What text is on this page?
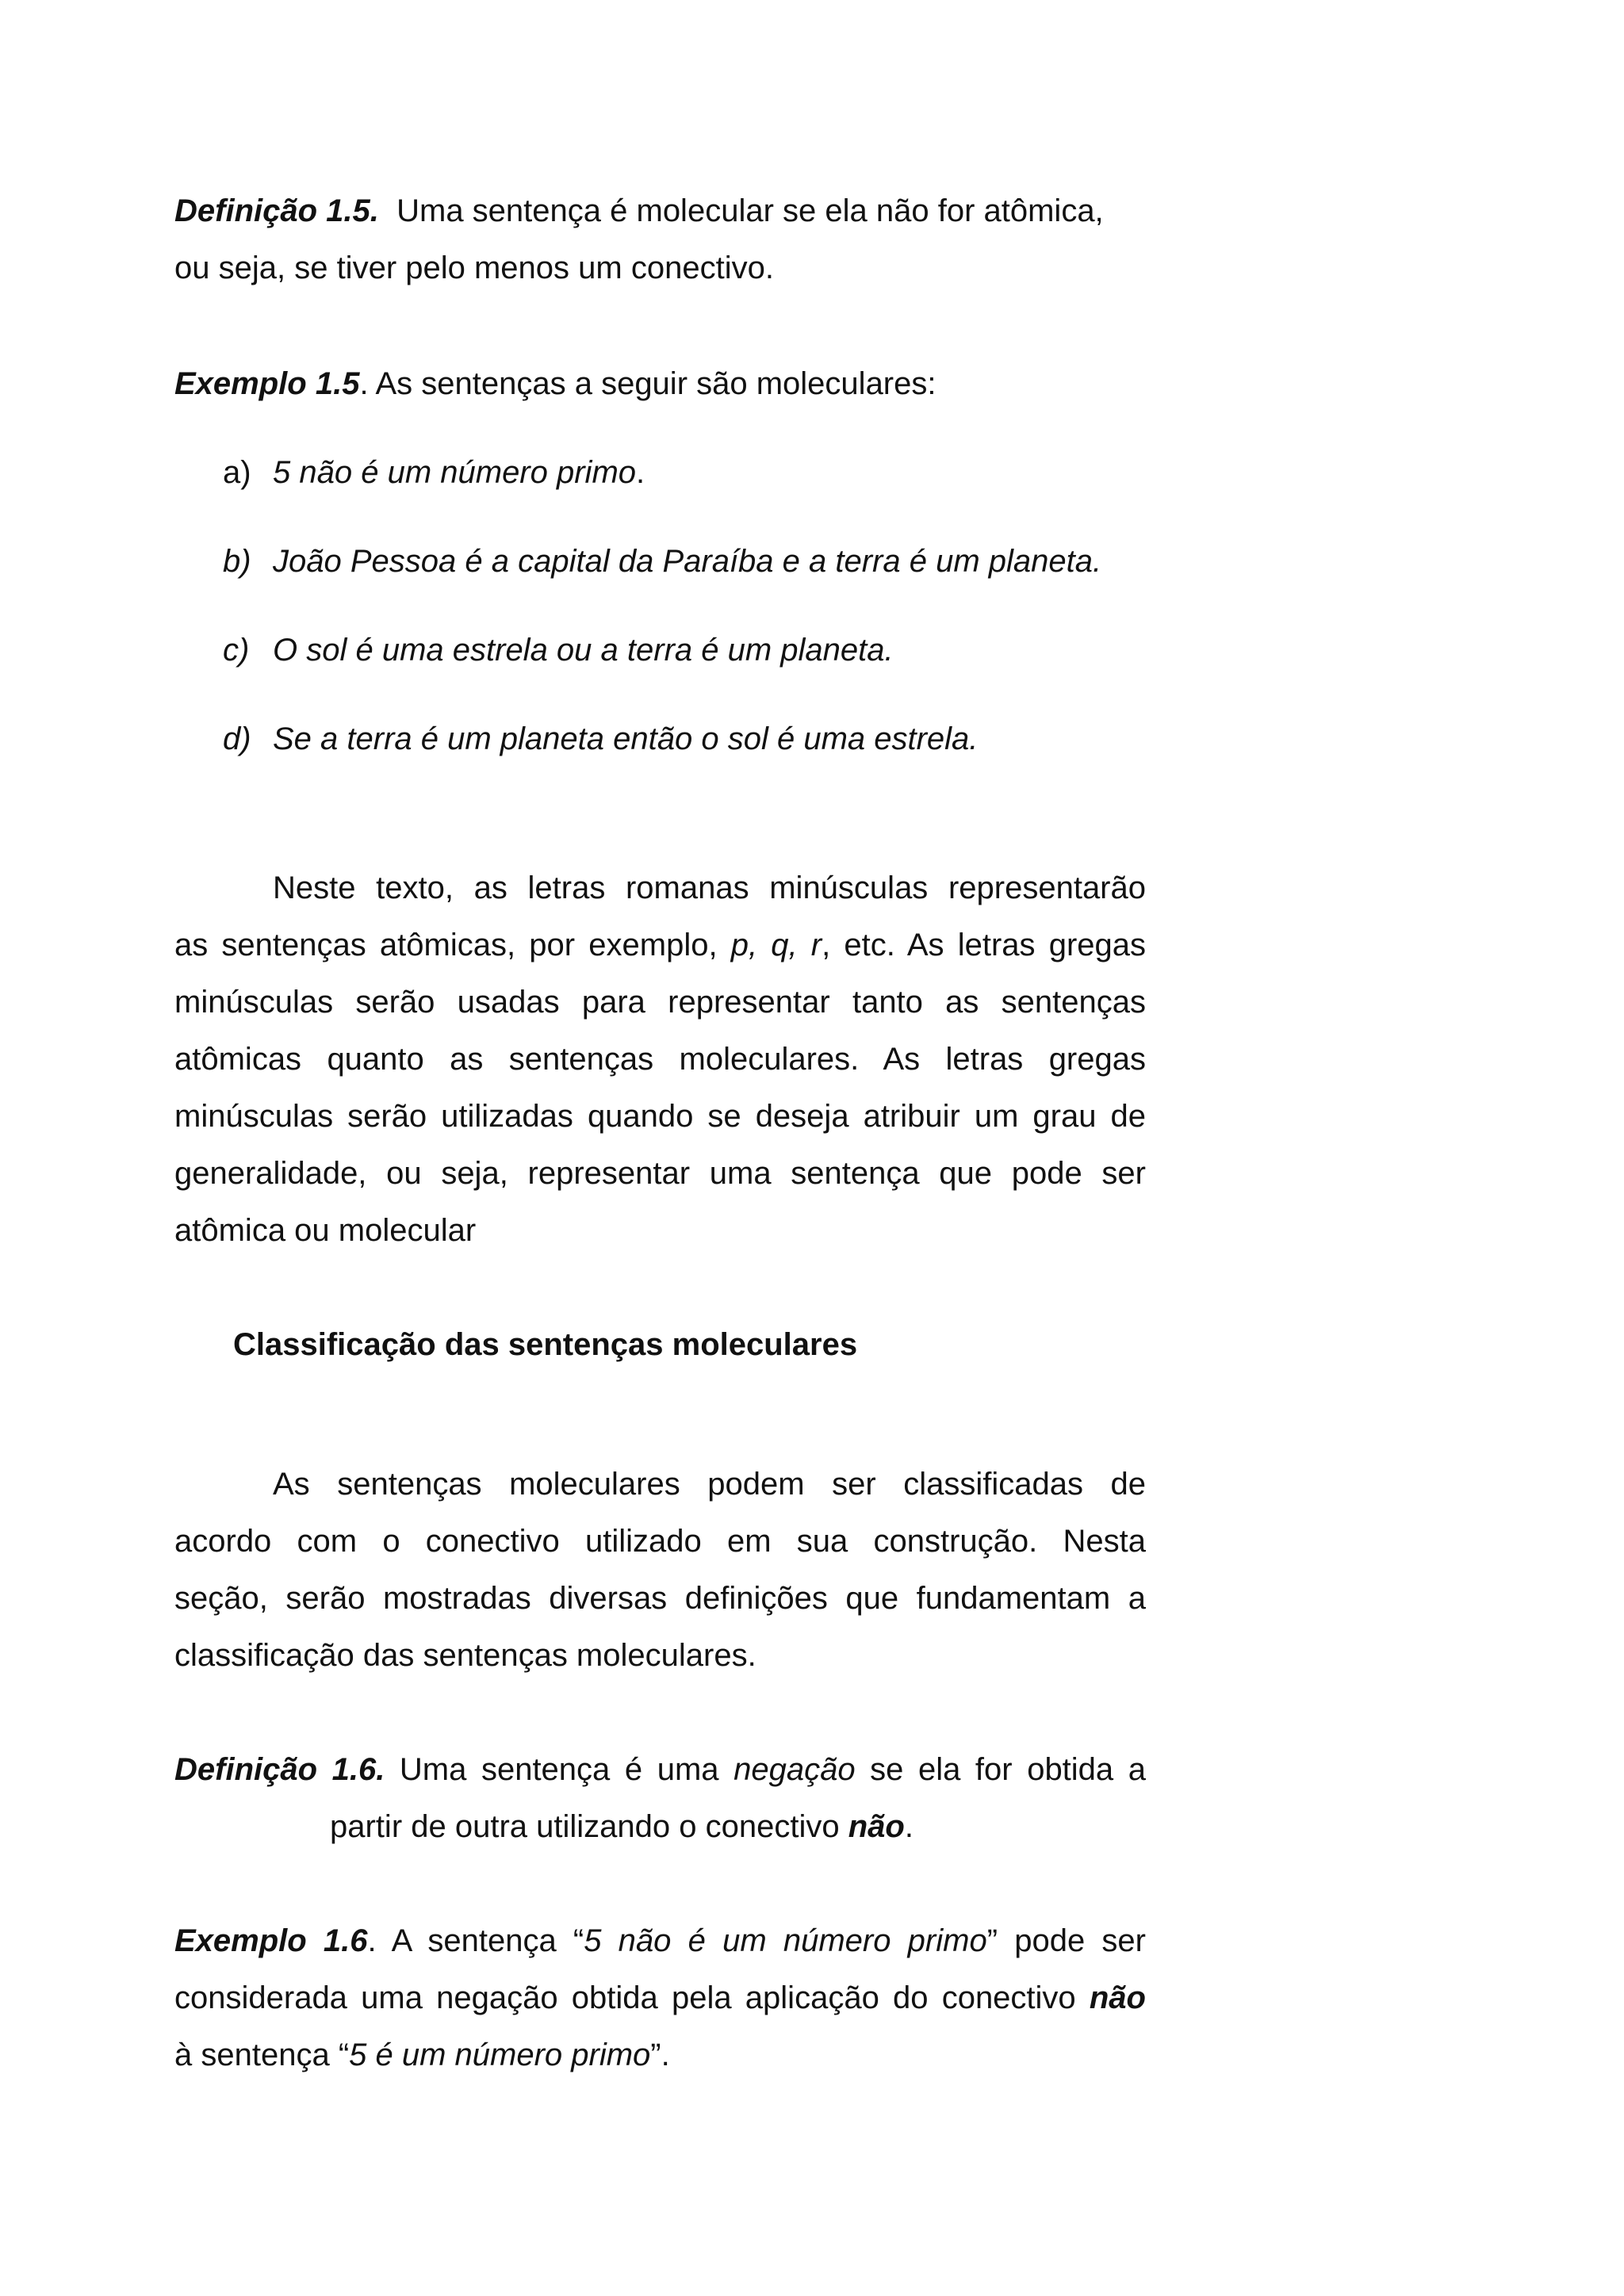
Definição 1.5. Uma sentença é molecular se ela não for atômica,
ou seja, se tiver pelo menos um conectivo.
Exemplo 1.5. As sentenças a seguir são moleculares:
a) 5 não é um número primo.
b) João Pessoa é a capital da Paraíba e a terra é um planeta.
c) O sol é uma estrela ou a terra é um planeta.
d) Se a terra é um planeta então o sol é uma estrela.
Neste texto, as letras romanas minúsculas representarão
as sentenças atômicas, por exemplo, p, q, r, etc. As letras gregas
minúsculas serão usadas para representar tanto as sentenças
atômicas quanto as sentenças moleculares. As letras gregas
minúsculas serão utilizadas quando se deseja atribuir um grau de
generalidade, ou seja, representar uma sentença que pode ser
atômica ou molecular
Classificação das sentenças moleculares
As sentenças moleculares podem ser classificadas de
acordo com o conectivo utilizado em sua construção. Nesta
seção, serão mostradas diversas definições que fundamentam a
classificação das sentenças moleculares.
Definição 1.6. Uma sentença é uma negação se ela for obtida a
partir de outra utilizando o conectivo não.
Exemplo 1.6. A sentença “5 não é um número primo” pode ser
considerada uma negação obtida pela aplicação do conectivo não
à sentença “5 é um número primo”.
